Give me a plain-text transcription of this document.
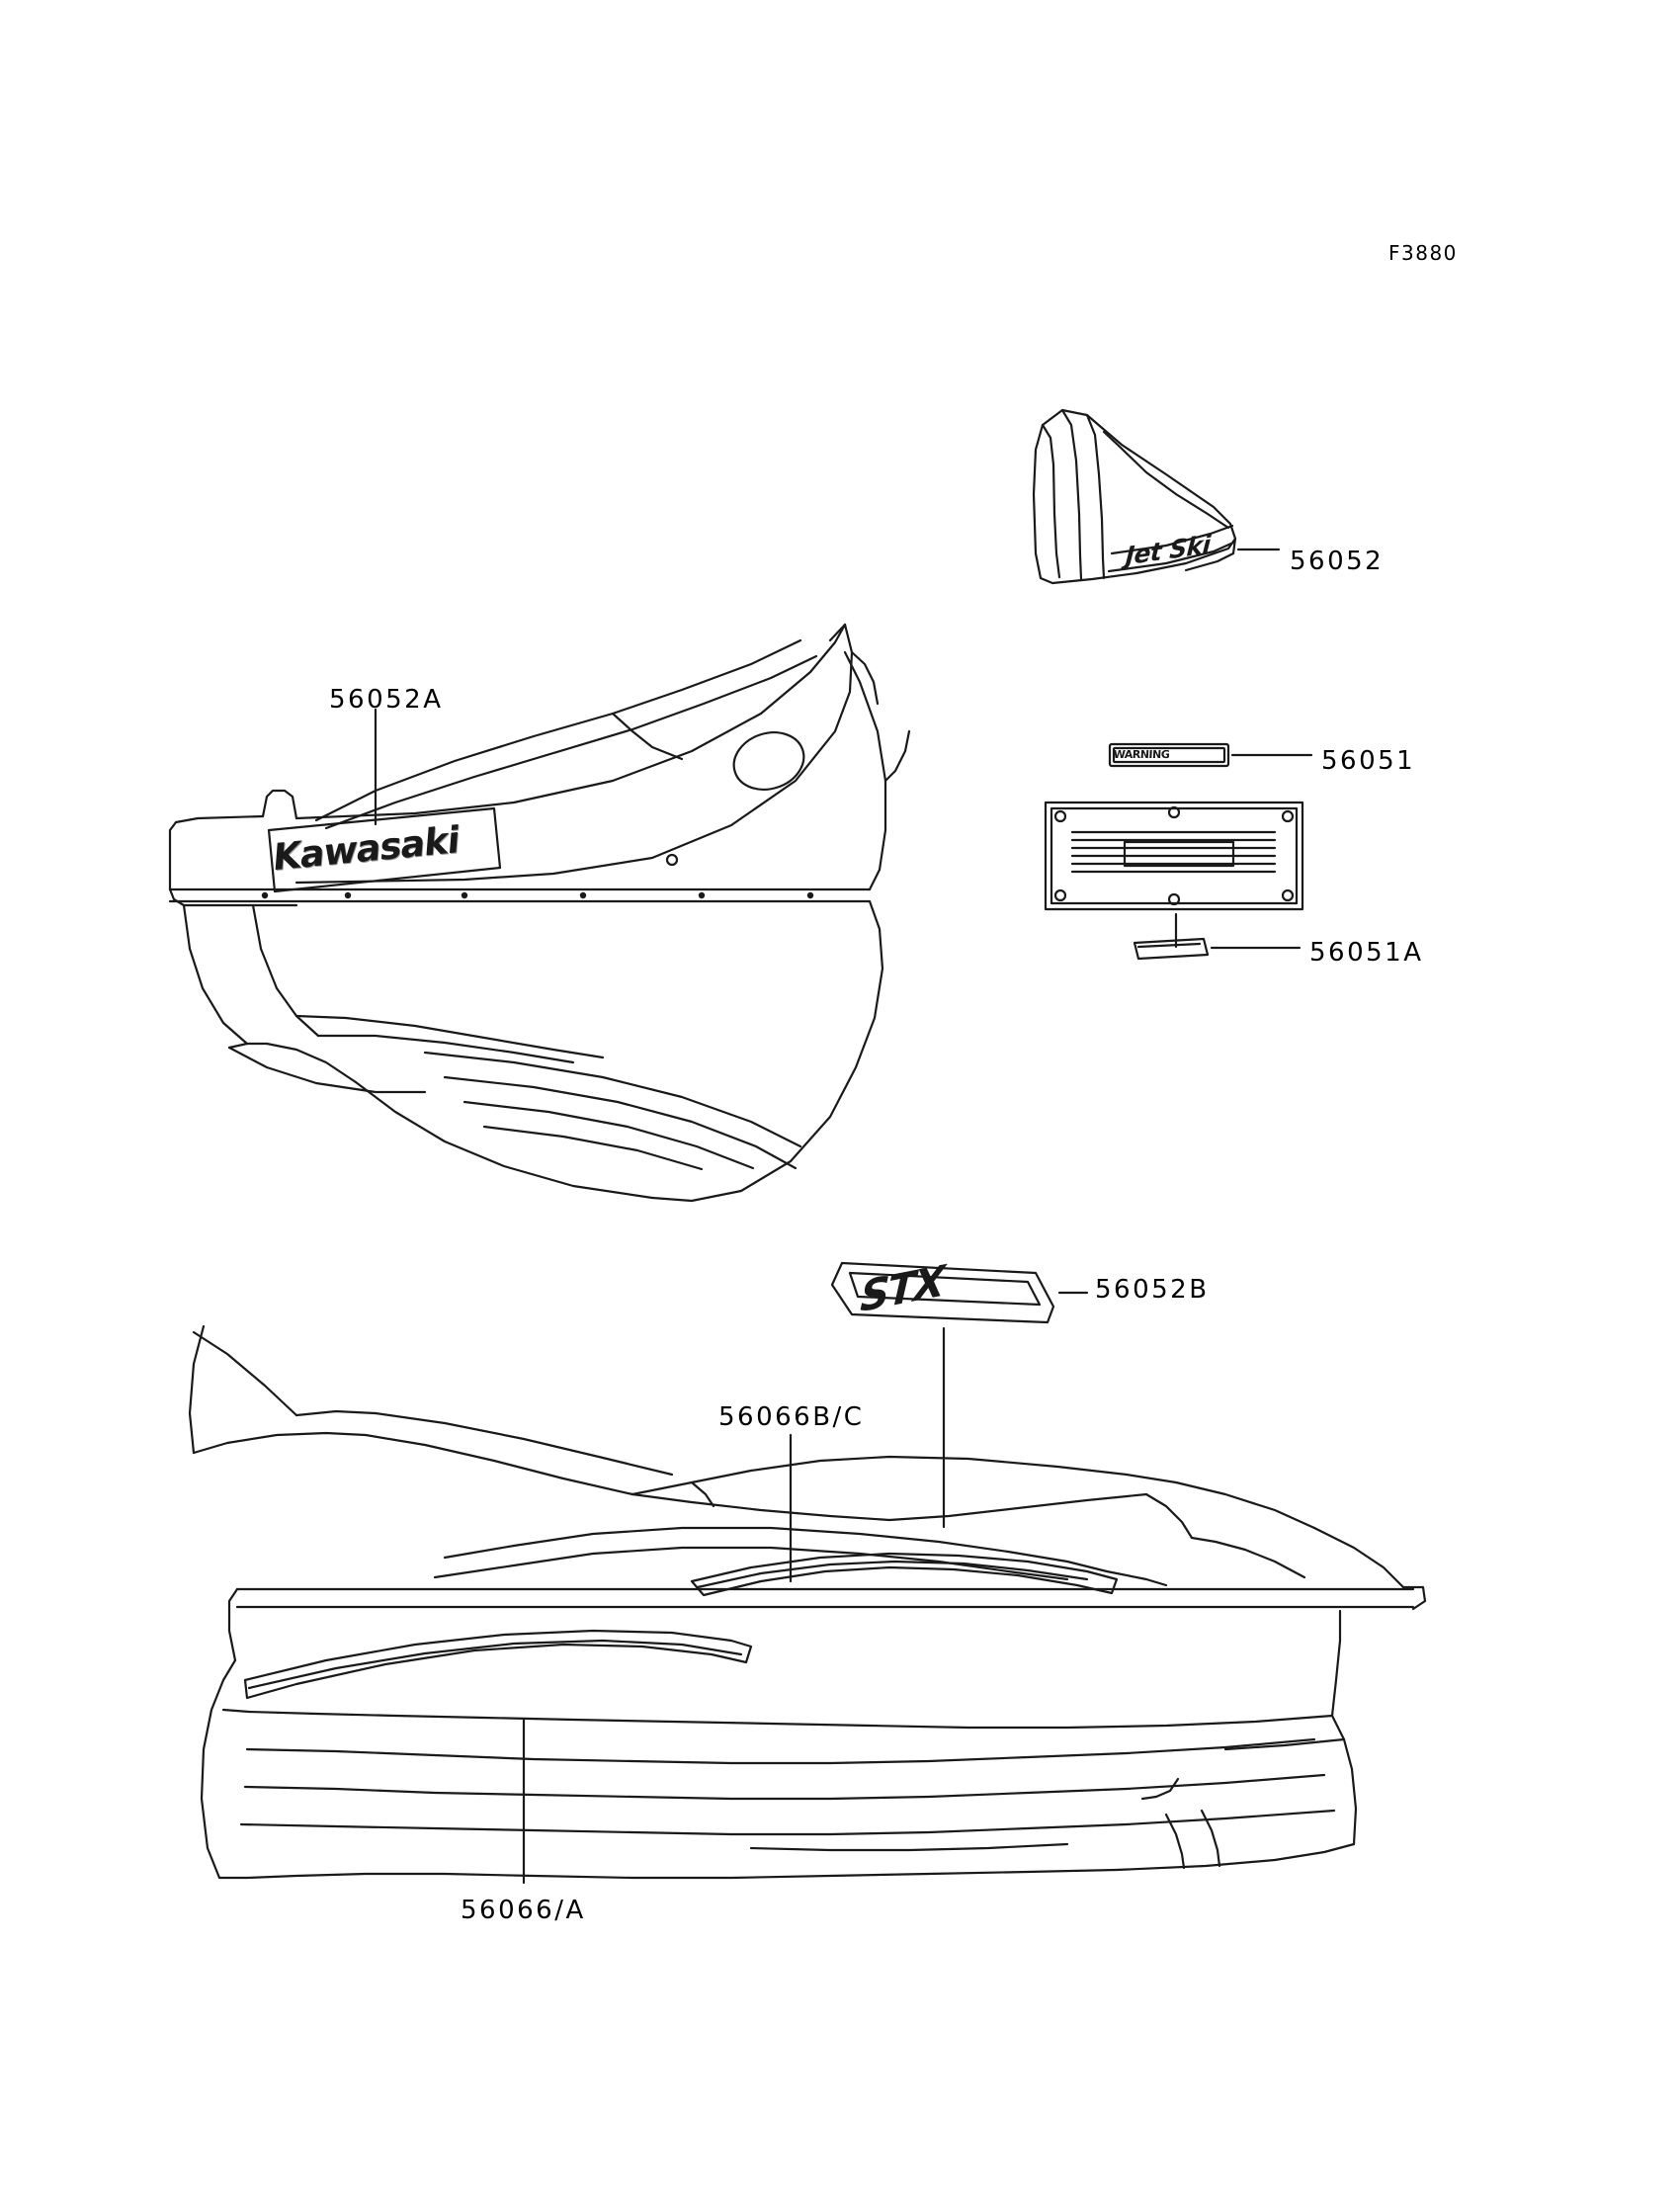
F3880
56052
56052A
56051
56051A
56052B
56066B/C
56066/A
Kawasaki
Jet Ski
STX
WARNING
